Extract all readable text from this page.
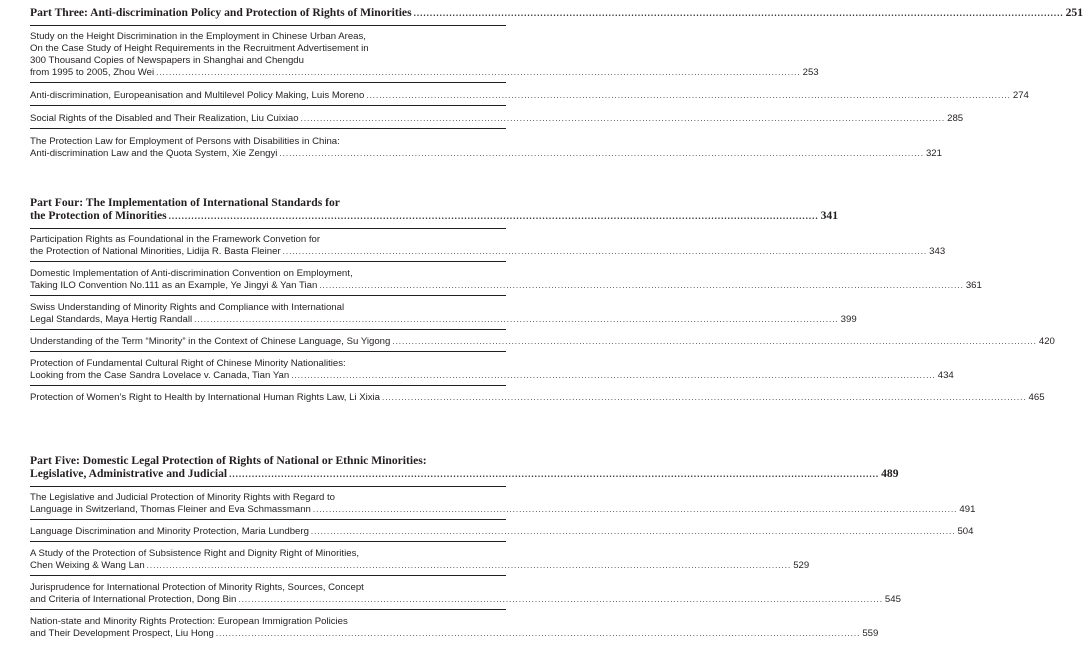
Part Three: Anti-discrimination Policy and Protection of Rights of Minorities ........................................................................................................................................................................................................ 251
Study on the Height Discrimination in the Employment in Chinese Urban Areas,
On the Case Study of Height Requirements in the Recruitment Advertisement in
300 Thousand Copies of Newspapers in Shanghai and Chengdu
from 1995 to 2005, Zhou Wei ........................................................................................................................................................................................................ 253
Anti-discrimination, Europeanisation and Multilevel Policy Making, Luis Moreno ........................................................................................................................................................................................................ 274
Social Rights of the Disabled and Their Realization, Liu Cuixiao ........................................................................................................................................................................................................ 285
The Protection Law for Employment of Persons with Disabilities in China:
Anti-discrimination Law and the Quota System, Xie Zengyi ........................................................................................................................................................................................................ 321
Part Four: The Implementation of International Standards for
the Protection of Minorities ........................................................................................................................................................................................................ 341
Participation Rights as Foundational in the Framework Convetion for
the Protection of National Minorities, Lidija R. Basta Fleiner ........................................................................................................................................................................................................ 343
Domestic Implementation of Anti-discrimination Convention on Employment,
Taking ILO Convention No.111 as an Example, Ye Jingyi & Yan Tian ........................................................................................................................................................................................................ 361
Swiss Understanding of Minority Rights and Compliance with International
Legal Standards, Maya Hertig Randall ........................................................................................................................................................................................................ 399
Understanding of the Term “Minority” in the Context of Chinese Language, Su Yigong ........................................................................................................................................................................................................ 420
Protection of Fundamental Cultural Right of Chinese Minority Nationalities:
Looking from the Case Sandra Lovelace v. Canada, Tian Yan ........................................................................................................................................................................................................ 434
Protection of Women’s Right to Health by International Human Rights Law, Li Xixia ........................................................................................................................................................................................................ 465
Part Five: Domestic Legal Protection of Rights of National or Ethnic Minorities:
Legislative, Administrative and Judicial ........................................................................................................................................................................................................ 489
The Legislative and Judicial Protection of Minority Rights with Regard to
Language in Switzerland, Thomas Fleiner and Eva Schmassmann ........................................................................................................................................................................................................ 491
Language Discrimination and Minority Protection, Maria Lundberg ........................................................................................................................................................................................................ 504
A Study of the Protection of Subsistence Right and Dignity Right of Minorities,
Chen Weixing & Wang Lan ........................................................................................................................................................................................................ 529
Jurisprudence for International Protection of Minority Rights, Sources, Concept
and Criteria of International Protection, Dong Bin ........................................................................................................................................................................................................ 545
Nation-state and Minority Rights Protection: European Immigration Policies
and Their Development Prospect, Liu Hong ........................................................................................................................................................................................................ 559
